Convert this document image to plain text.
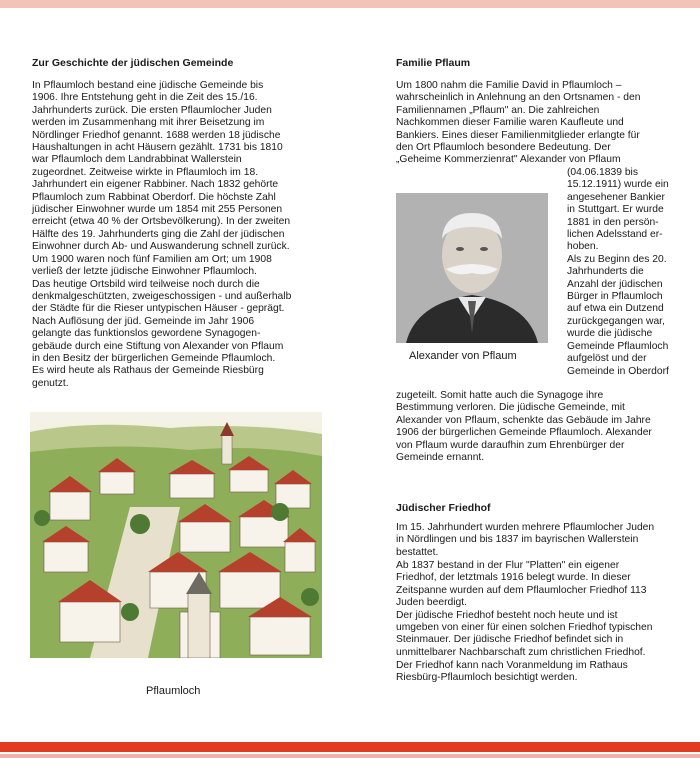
Zur Geschichte der jüdischen Gemeinde
In Pflaumloch bestand eine jüdische Gemeinde bis
1906. Ihre Entstehung geht in die Zeit des 15./16.
Jahrhunderts zurück. Die ersten Pflaumlocher Juden
werden im Zusammenhang mit ihrer Beisetzung im
Nördlinger Friedhof genannt. 1688 werden 18 jüdische
Haushaltungen in acht Häusern gezählt. 1731 bis 1810
war Pflaumloch dem Landrabbinat Wallerstein
zugeordnet. Zeitweise wirkte in Pflaumloch im 18.
Jahrhundert ein eigener Rabbiner. Nach 1832 gehörte
Pflaumloch zum Rabbinat Oberdorf. Die höchste Zahl
jüdischer Einwohner wurde um 1854 mit 255 Personen
erreicht (etwa 40 % der Ortsbevölkerung). In der zweiten
Hälfte des 19. Jahrhunderts ging die Zahl der jüdischen
Einwohner durch Ab- und Auswanderung schnell zurück.
Um 1900 waren noch fünf Familien am Ort; um 1908
verließ der letzte jüdische Einwohner Pflaumloch.
Das heutige Ortsbild wird teilweise noch durch die
denkmalgeschützten, zweigeschossigen - und außerhalb
der Städte für die Rieser untypischen Häuser - geprägt.
Nach Auflösung der jüd. Gemeinde im Jahr 1906
gelangte das funktionslos gewordene Synagogen-
gebäude durch eine Stiftung von Alexander von Pflaum
in den Besitz der bürgerlichen Gemeinde Pflaumloch.
Es wird heute als Rathaus der Gemeinde Riesbürg
genutzt.
Pflaumloch
Familie Pflaum
Um 1800 nahm die Familie David in Pflaumloch –
wahrscheinlich in Anlehnung an den Ortsnamen - den
Familiennamen „Pflaum" an. Die zahlreichen
Nachkommen dieser Familie waren Kaufleute und
Bankiers. Eines dieser Familienmitglieder erlangte für
den Ort Pflaumloch besondere Bedeutung. Der
„Geheime Kommerzienrat" Alexander von Pflaum
(04.06.1839 bis
15.12.1911) wurde ein
angesehener Bankier
in Stuttgart. Er wurde
1881 in den persön-
lichen Adelsstand er-
hoben.
Als zu Beginn des 20.
Jahrhunderts die
Anzahl der jüdischen
Bürger in Pflaumloch
auf etwa ein Dutzend
zurückgegangen war,
wurde die jüdische
Gemeinde Pflaumloch
aufgelöst und der
Gemeinde in Oberdorf
Alexander von Pflaum
zugeteilt. Somit hatte auch die Synagoge ihre
Bestimmung verloren. Die jüdische Gemeinde, mit
Alexander von Pflaum, schenkte das Gebäude im Jahre
1906 der bürgerlichen Gemeinde Pflaumloch. Alexander
von Pflaum wurde daraufhin zum Ehrenbürger der
Gemeinde ernannt.
Jüdischer Friedhof
Im 15. Jahrhundert wurden mehrere Pflaumlocher Juden
in Nördlingen und bis 1837 im bayrischen Wallerstein
bestattet.
Ab 1837 bestand in der Flur "Platten" ein eigener
Friedhof, der letztmals 1916 belegt wurde. In dieser
Zeitspanne wurden auf dem Pflaumlocher Friedhof 113
Juden beerdigt.
Der jüdische Friedhof besteht noch heute und ist
umgeben von einer für einen solchen Friedhof typischen
Steinmauer. Der jüdische Friedhof befindet sich in
unmittelbarer Nachbarschaft zum christlichen Friedhof.
Der Friedhof kann nach Voranmeldung im Rathaus
Riesbürg-Pflaumloch besichtigt werden.
